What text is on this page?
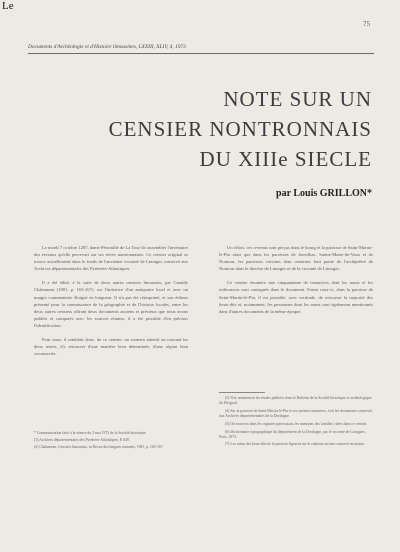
Le
75
Documents d'Archéologie et d'Histoire limousines, LXXIII, XLIV, 4, 1973
NOTE SUR UN
CENSIER NONTRONNAIS
DU XIIIe SIECLE
par Louis GRILLON*

Le mardi 7 octobre 1287, dame Pétronille de La Tour fit rassembler l'inventaire des revenus qu'elle percevait sur ses terres nontronnaises. Ce censier original se trouve actuellement dans le fonds de l'ancienne vicomté de Limoges conservé aux Archives départementales des Pyrénées-Atlantiques.

Il a été édité, à la suite de deux autres censiers limousins, par Camille Chabaneau (1881, p. 163-167), sur l'initiative d'un antiquaire local et avec un maigre commentaire éloigné en longueur. Il n'a pas été réimprimé, et son éditeur présenté pour la connaissance de la géographie et de l'histoire locales, entre les deux autres censiers offrant deux documents anciens et précieux que nous avons publiés et comparés avec les sources réunies, il a été possible d'en préciser l'identification.

Pour nous, il semblait donc, de ce censier, un examen attentif en ouvrant les deux textes, d'y retrouver d'une manière bien déterminée, d'une région bien circonscrite.

* Communication faite à la séance du 2 mai 1973 de la Société historique.

(1) Archives départementales des Pyrénées-Atlantiques, E 649.

(2) Chabaneau, Censiers limousins, in Revue des langues romanes, 1881, p. 163-167.

Un effort, ces revenus sont perçus dans le bourg et la paroisse de Saint-Martin-le-Pin ainsi que dans les paroisses de Javerlhac, Sainte-Marie-de-Vaux et de Nontron, les paroisses voisines dont certaines font partie de l'archiprêtré de Nontron dans le diocèse de Limoges et de la vicomté de Limoges.

Ce censier énumère une cinquantaine de tenanciers dont les noms et les redevances sont consignés dans le document. Parmi ceux-ci, dans la paroisse de Saint-Martin-le-Pin, il est possible, avec certitude, de retrouver la majorité des lieux-dits et, notamment, les personnes dont les noms sont également mentionnés dans d'autres documents de la même époque.

(3) Voir notamment les études publiées dans le Bulletin de la Société historique et archéologique du Périgord.

(4) Sur la paroisse de Saint-Martin-le-Pin et ses anciens tenanciers, voir les documents conservés aux Archives départementales de la Dordogne.

(5) On trouvera dans les registres paroissiaux les mentions des familles citées dans ce censier.

(6) Dictionnaire topographique du département de la Dordogne, par le vicomte de Gourgues, Paris, 1873.

(7) Les noms des lieux-dits de la paroisse figurent sur le cadastre ancien conservé en mairie.
